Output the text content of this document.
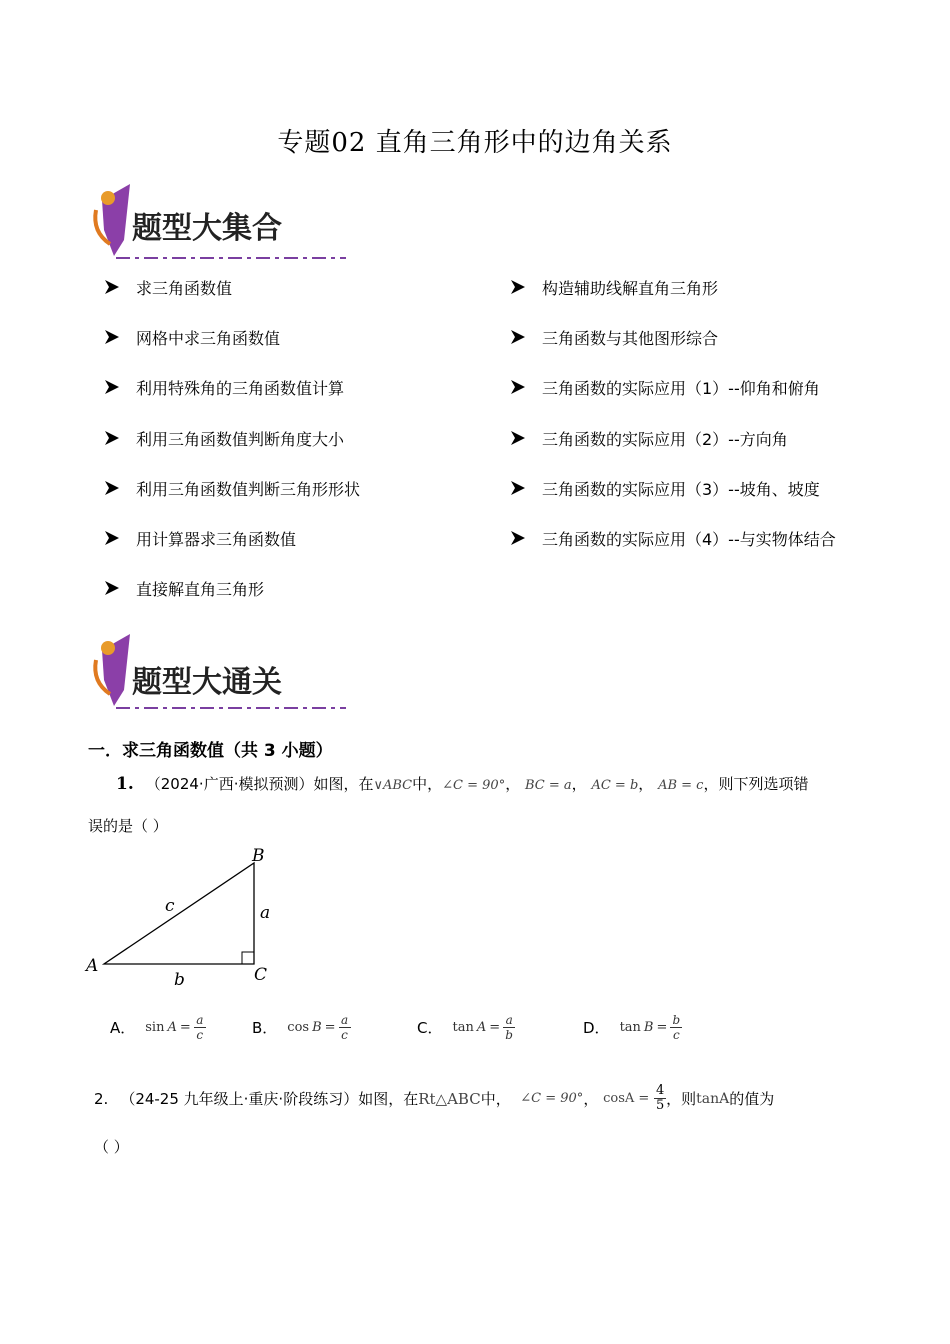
专题02 直角三角形中的边角关系
题型大集合
求三角函数值
网格中求三角函数值
利用特殊角的三角函数值计算
利用三角函数值判断角度大小
利用三角函数值判断三角形形状
用计算器求三角函数值
直接解直角三角形
构造辅助线解直角三角形
三角函数与其他图形综合
三角函数的实际应用（1）--仰角和俯角
三角函数的实际应用（2）--方向角
三角函数的实际应用（3）--坡角、坡度
三角函数的实际应用（4）--与实物体结合
题型大通关
一．求三角函数值（共 3 小题）
1. （2024·广西·模拟预测）如图，在∨ABC中，∠C = 90°， BC = a， AC = b， AB = c，则下列选项错
误的是（ ）
A
B
C
a
b
c
A． $\sin A = \frac{a}{c}$	B． $\cos B = \frac{a}{c}$	C． $\tan A = \frac{a}{b}$	D． $\tan B = \frac{b}{c}$
2. （24-25 九年级上·重庆·阶段练习） 如图，在 Rt△ABC 中，
∠C = 90° ，
cosA =
$\frac{4}{5}$ ，则 tanA 的值为
（ ）
